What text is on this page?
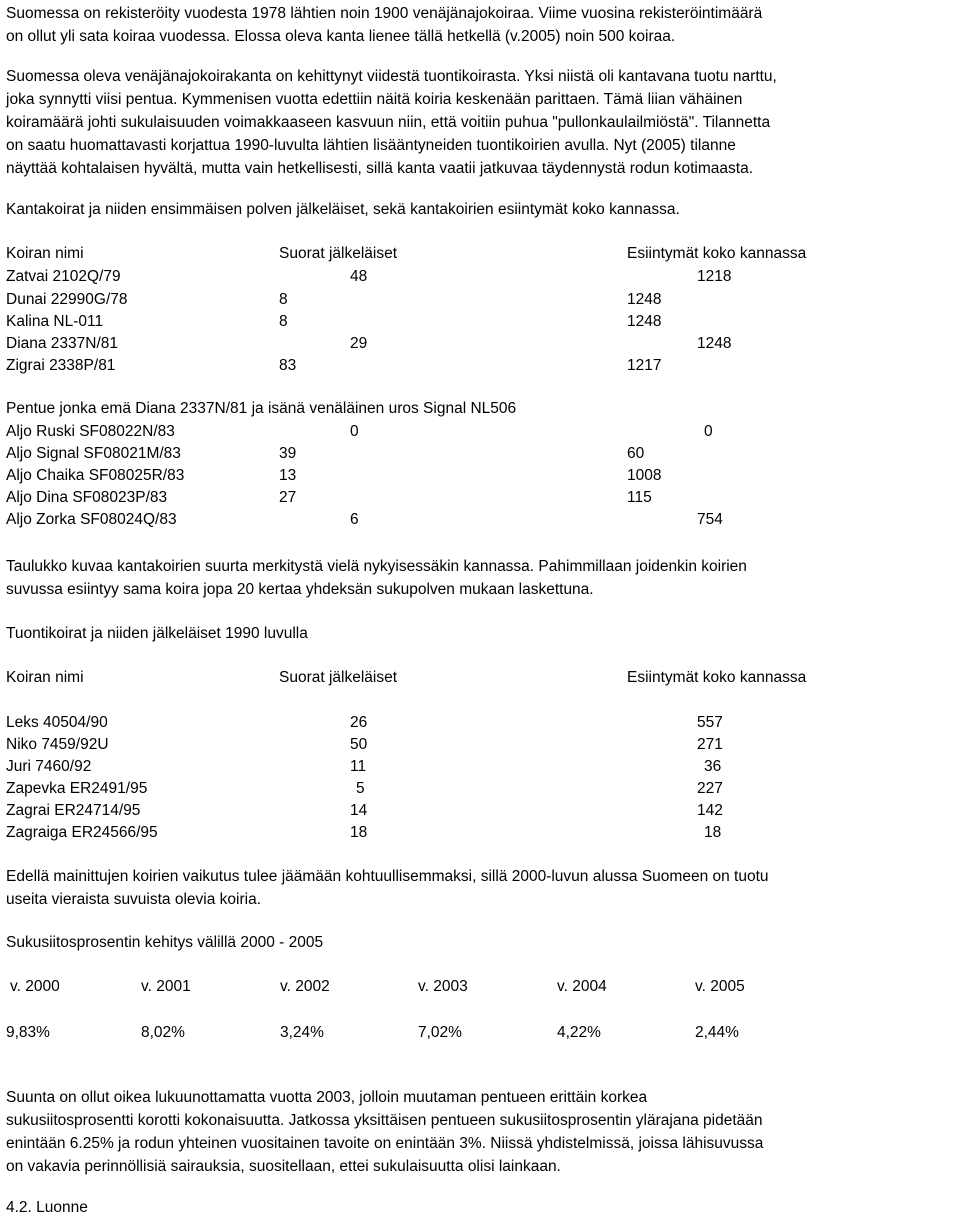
Suomessa on rekisteröity vuodesta 1978 lähtien noin 1900 venäjänajokoiraa. Viime vuosina rekisteröintimäärä
on ollut yli sata koiraa vuodessa. Elossa oleva kanta lienee tällä hetkellä (v.2005) noin 500 koiraa.
Suomessa oleva venäjänajokoirakanta on kehittynyt viidestä tuontikoirasta. Yksi niistä oli kantavana tuotu narttu,
joka synnytti viisi pentua. Kymmenisen vuotta edettiin näitä koiria keskenään parittaen. Tämä liian vähäinen
koiramäärä johti sukulaisuuden voimakkaaseen kasvuun niin, että voitiin puhua "pullonkaulailmiöstä". Tilannetta
on saatu huomattavasti korjattua 1990-luvulta lähtien lisääntyneiden tuontikoirien avulla. Nyt (2005) tilanne
näyttää kohtalaisen hyvältä, mutta vain hetkellisesti, sillä kanta vaatii jatkuvaa täydennystä rodun kotimaasta.
Kantakoirat ja niiden ensimmäisen polven jälkeläiset, sekä kantakoirien esiintymät koko kannassa.
Koiran nimi	Suorat jälkeläiset	Esiintymät koko kannassa
Zatvai 2102Q/79	48	1218
Dunai 22990G/78	8	1248
Kalina NL-011	8	1248
Diana 2337N/81	29	1248
Zigrai 2338P/81	83	1217
Pentue jonka emä Diana 2337N/81 ja isänä venäläinen uros Signal NL506
Aljo Ruski SF08022N/83	0	0
Aljo Signal SF08021M/83	39	60
Aljo Chaika SF08025R/83	13	1008
Aljo Dina SF08023P/83	27	115
Aljo Zorka SF08024Q/83	6	754
Taulukko kuvaa kantakoirien suurta merkitystä vielä nykyisessäkin kannassa. Pahimmillaan joidenkin koirien
suvussa esiintyy sama koira jopa 20 kertaa yhdeksän sukupolven mukaan laskettuna.
Tuontikoirat ja niiden jälkeläiset 1990 luvulla
Koiran nimi	Suorat jälkeläiset	Esiintymät koko kannassa
Leks 40504/90	26	557
Niko 7459/92U	50	271
Juri 7460/92	11	36
Zapevka ER2491/95	5	227
Zagrai ER24714/95	14	142
Zagraiga ER24566/95	18	18
Edellä mainittujen koirien vaikutus tulee jäämään kohtuullisemmaksi, sillä 2000-luvun alussa Suomeen on tuotu
useita vieraista suvuista olevia koiria.
Sukusiitosprosentin kehitys välillä 2000 - 2005
v. 2000	v. 2001	v. 2002	v. 2003	v. 2004	v. 2005
9,83%	8,02%	3,24%	7,02%	4,22%	2,44%
Suunta on ollut oikea lukuunottamatta vuotta 2003, jolloin muutaman pentueen erittäin korkea
sukusiitosprosentti korotti kokonaisuutta. Jatkossa yksittäisen pentueen sukusiitosprosentin ylärajana pidetään
enintään 6.25% ja rodun yhteinen vuositainen tavoite on enintään 3%. Niissä yhdistelmissä, joissa lähisuvussa
on vakavia perinnöllisiä sairauksia, suositellaan, ettei sukulaisuutta olisi lainkaan.
4.2. Luonne
